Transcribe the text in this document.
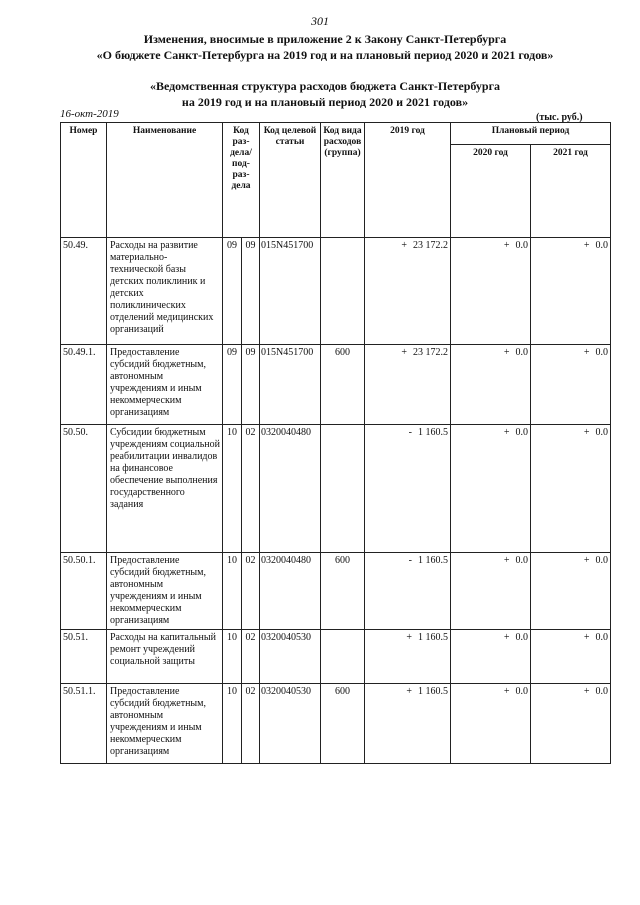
301
Изменения, вносимые в приложение 2 к Закону Санкт-Петербурга
«О бюджете Санкт-Петербурга на 2019 год и на плановый период 2020 и 2021 годов»
«Ведомственная структура расходов бюджета Санкт-Петербурга
на 2019 год и на плановый период 2020 и 2021 годов»
16-окт-2019	(тыс. руб.)
Номер	Наименование	Код раз-дела/ под-раз-дела		Код целевой статьи	Код вида расходов (группа)	2019 год	Плановый период	
							2020 год	2021 год
50.49.	Расходы на развитие материально-технической базы детских поликлиник и детских поликлинических отделений медицинских организаций	09	09	015N451700		+ 23 172.2	+ 0.0	+ 0.0
50.49.1.	Предоставление субсидий бюджетным, автономным учреждениям и иным некоммерческим организациям	09	09	015N451700	600	+ 23 172.2	+ 0.0	+ 0.0
50.50.	Субсидии бюджетным учреждениям социальной реабилитации инвалидов на финансовое обеспечение выполнения государственного задания	10	02	0320040480		- 1 160.5	+ 0.0	+ 0.0
50.50.1.	Предоставление субсидий бюджетным, автономным учреждениям и иным некоммерческим организациям	10	02	0320040480	600	- 1 160.5	+ 0.0	+ 0.0
50.51.	Расходы на капитальный ремонт учреждений социальной защиты	10	02	0320040530		+ 1 160.5	+ 0.0	+ 0.0
50.51.1.	Предоставление субсидий бюджетным, автономным учреждениям и иным некоммерческим организациям	10	02	0320040530	600	+ 1 160.5	+ 0.0	+ 0.0
